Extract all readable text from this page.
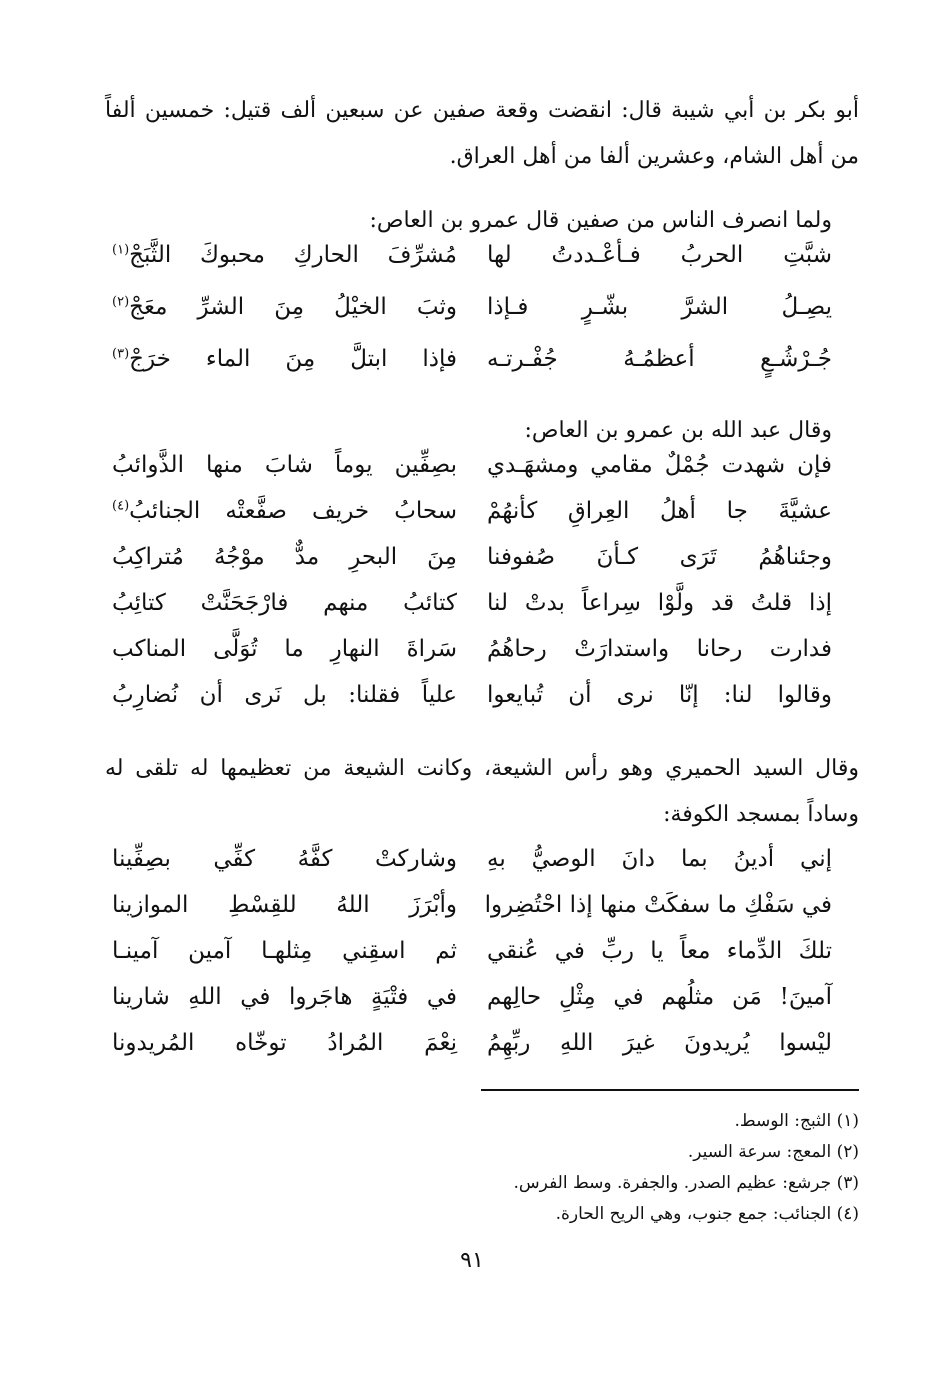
أبو بكر بن أبي شيبة قال: انقضت وقعة صفين عن سبعين ألف قتيل: خمسين ألفاً من أهل الشام، وعشرين ألفا من أهل العراق.

ولما انصرف الناس من صفين قال عمرو بن العاص:

شبَّتِ الحربُ فـأعْـددتُ لها
مُشرِّفَ الحاركِ محبوكَ الثَّبَجْ$^{(١)}$
يصِـلُ الشرَّ بشّـرٍ فـإذا
وثبَ الخيْلُ مِنَ الشرِّ معَجْ$^{(٢)}$
جُـرْشُـعٍ أعظمُـهُ جُفْـرتـه
فإذا ابتلَّ مِنَ الماء خرَجْ$^{(٣)}$

وقال عبد الله بن عمرو بن العاص:

فإن شهدت جُمْلٌ مقامي ومشهَـدي
بصِفِّين يوماً شابَ منها الذَّوائبُ
عشيَّةَ جا أهلُ العِراقِ كأنهُمْ
سحابُ خريف صفَّعتْه الجنائبُ$^{(٤)}$
وجئناهُمُ تَرَى كـأنَ صُفوفنا
مِنَ البحرِ مدٌّ موْجُهُ مُتراكِبُ
إذا قلتُ قد ولَّوْا سِراعاً بدتْ لنا
كتائبُ منهم فارْجَحَنَّتْ كتائِبُ
فدارت رحانا واستدارَتْ رحاهُمُ
سَراةَ النهارِ ما تُوَلَّى المناكب
وقالوا لنا: إنّا نرى أن تُبايعوا
علياً فقلنا: بل نَرى أن نُضارِبُ

وقال السيد الحميري وهو رأس الشيعة، وكانت الشيعة من تعظيمها له تلقى له وساداً بمسجد الكوفة:

إني أدينُ بما دانَ الوصيُّ بهِ
وشاركتْ كفَّهُ كفِّي بصِفِّينا
في سَفْكِ ما سفكَتْ منها إذا احْتُضِروا
وأبْرَزَ اللهُ للقِسْطِ الموازينا
تلكَ الدِّماء معاً يا ربِّ في عُنقي
ثم اسقِني مِثلهـا آمين آمينـا
آمينَ! مَن مثلُهم في مِثْلِ حالِهم
في فتْيَةٍ هاجَروا في اللهِ شارينا
ليْسوا يُريدونَ غيرَ اللهِ ربِّهِمُ
نِعْمَ المُرادُ توخّاه المُريدونا
(١) الثبج: الوسط.
(٢) المعج: سرعة السير.
(٣) جرشع: عظيم الصدر. والجفرة. وسط الفرس.
(٤) الجنائب: جمع جنوب، وهي الريح الحارة.
٩١
